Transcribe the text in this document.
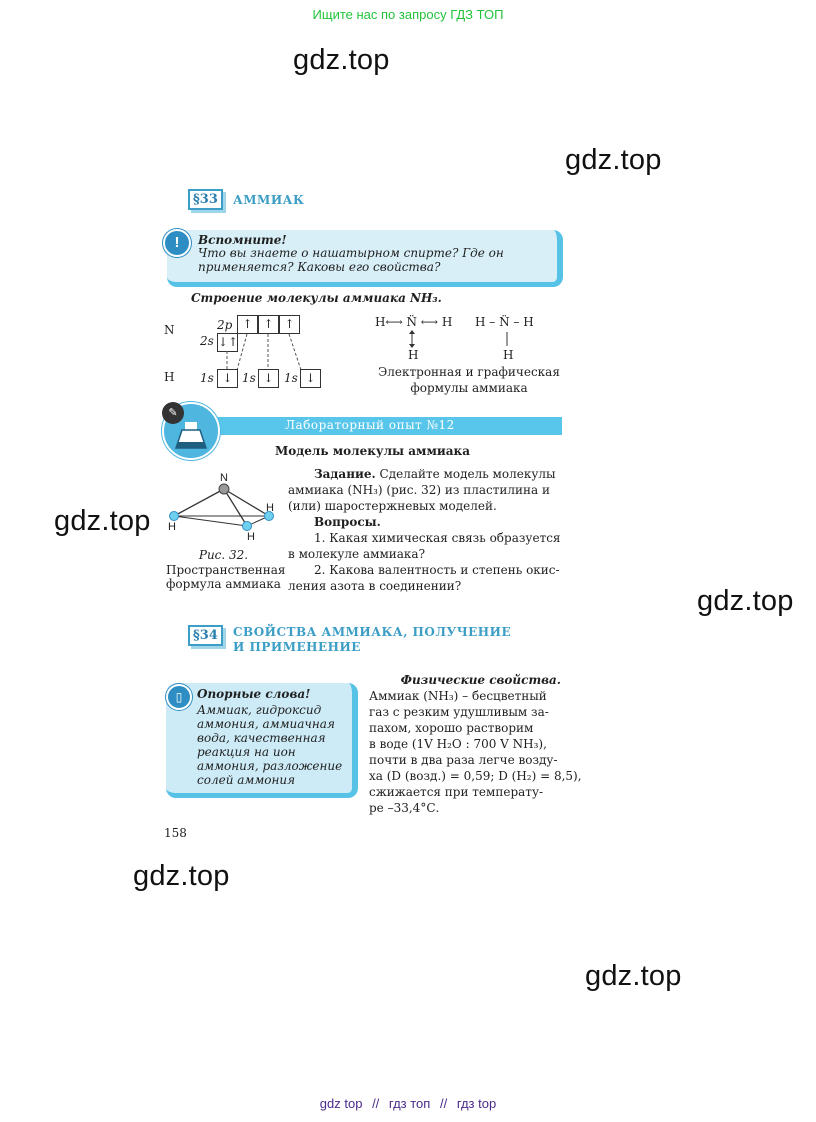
Ищите нас по запросу ГДЗ ТОП
gdz.top
gdz.top
gdz.top
gdz.top
gdz.top
gdz.top
§33	АММИАК
!	Вспомните!
Что вы знаете о нашатырном спирте? Где он применяется? Каковы его свойства?
Строение молекулы аммиака NH₃.
N
H
2p ↑ ↑ ↑
2s ↓↑
1s ↓ 1s ↓ 1s ↓
H⟷ N̈ ⟷ H H – N̈ – H
H	H
Электронная и графическая
формулы аммиака
✎
Лабораторный опыт №12
Модель молекулы аммиака
N
H
H
H
Рис. 32.
Пространственная
формула аммиака
Задание. Сделайте модель молекулы
аммиака (NH₃) (рис. 32) из пластилина и
(или) шаростержневых моделей.
Вопросы.
1. Какая химическая связь образуется
в молекуле аммиака?
2. Какова валентность и степень окис-
ления азота в соединении?
§34	СВОЙСТВА АММИАКА, ПОЛУЧЕНИЕ
И ПРИМЕНЕНИЕ
▯	Опорные слова!
Аммиак, гидроксид аммония, аммиачная вода, качественная реакция на ион аммония, разложение солей аммония
Физические свойства.
Аммиак (NH₃) – бесцветный
газ с резким удушливым за-
пахом, хорошо растворим
в воде (1V H₂O : 700 V NH₃),
почти в два раза легче возду-
ха (D (возд.) = 0,59; D (H₂) = 8,5),
сжижается при температу-
ре –33,4°С.
158
gdz top // гдз топ // гдз top
